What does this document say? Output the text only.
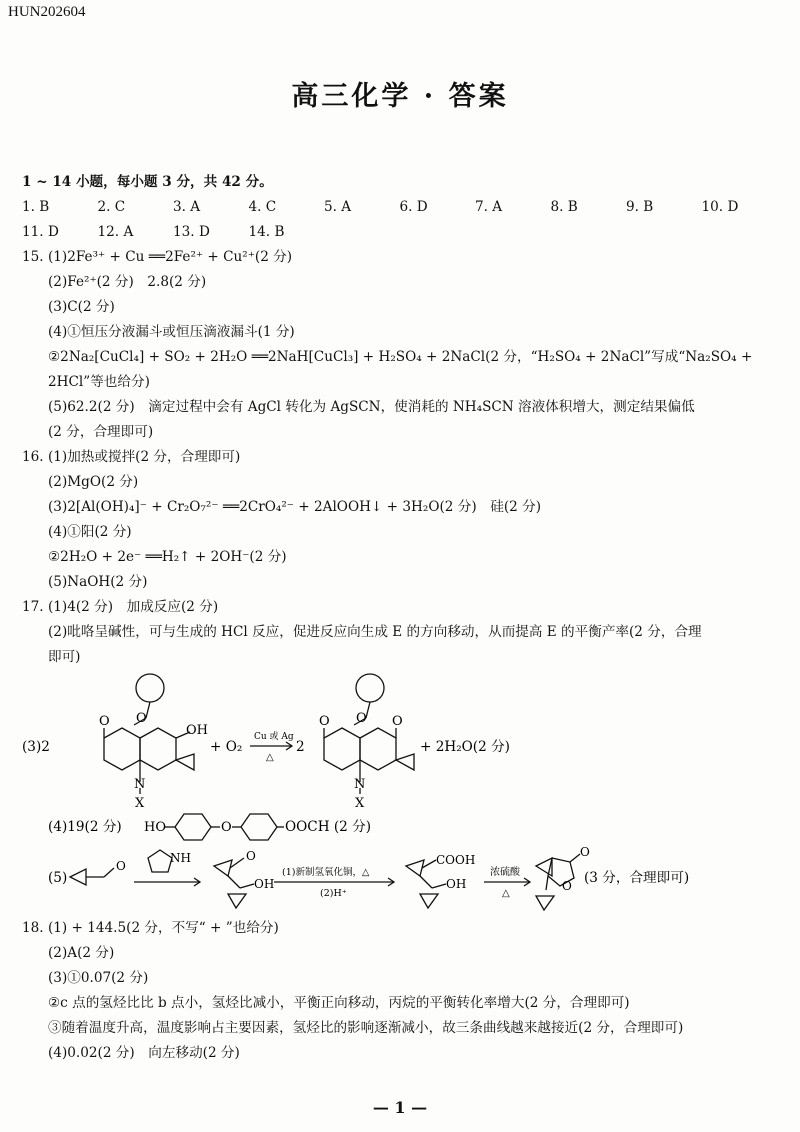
HUN202604
高三化学 · 答案
1 ~ 14 小题，每小题 3 分，共 42 分。
1. B	2. C	3. A	4. C	5. A	6. D	7. A	8. B	9. B	10. D
11. D	12. A	13. D	14. B
15. (1)2Fe³⁺ + Cu ══2Fe²⁺ + Cu²⁺(2 分)
(2)Fe²⁺(2 分)　2.8(2 分)
(3)C(2 分)
(4)①恒压分液漏斗或恒压滴液漏斗(1 分)
②2Na₂[CuCl₄] + SO₂ + 2H₂O ══2NaH[CuCl₃] + H₂SO₄ + 2NaCl(2 分，“H₂SO₄ + 2NaCl”写成“Na₂SO₄ +
2HCl”等也给分)
(5)62.2(2 分)　滴定过程中会有 AgCl 转化为 AgSCN，使消耗的 NH₄SCN 溶液体积增大，测定结果偏低
(2 分，合理即可)
16. (1)加热或搅拌(2 分，合理即可)
(2)MgO(2 分)
(3)2[Al(OH)₄]⁻ + Cr₂O₇²⁻ ══2CrO₄²⁻ + 2AlOOH↓ + 3H₂O(2 分)　硅(2 分)
(4)①阳(2 分)
②2H₂O + 2e⁻ ══H₂↑ + 2OH⁻(2 分)
(5)NaOH(2 分)
17. (1)4(2 分)　加成反应(2 分)
(2)吡咯呈碱性，可与生成的 HCl 反应，促进反应向生成 E 的方向移动，从而提高 E 的平衡产率(2 分，合理
即可)
(3)2
O O
OH
N
X
+ O₂
Cu 或 Ag
△
2
O O O
N
X
+ 2H₂O(2 分)
(4)19(2 分) HO	O	OOCH (2 分)
(5)
O
NH	O
OH
(1)新制氢氧化铜，△
(2)H⁺
COOH
OH
浓硫酸
△
O
O (3 分，合理即可)
18. (1) + 144.5(2 分，不写“ + ”也给分)
(2)A(2 分)
(3)①0.07(2 分)
②c 点的氢烃比比 b 点小，氢烃比减小，平衡正向移动，丙烷的平衡转化率增大(2 分，合理即可)
③随着温度升高，温度影响占主要因素，氢烃比的影响逐渐减小，故三条曲线越来越接近(2 分，合理即可)
(4)0.02(2 分)　向左移动(2 分)
— 1 —
